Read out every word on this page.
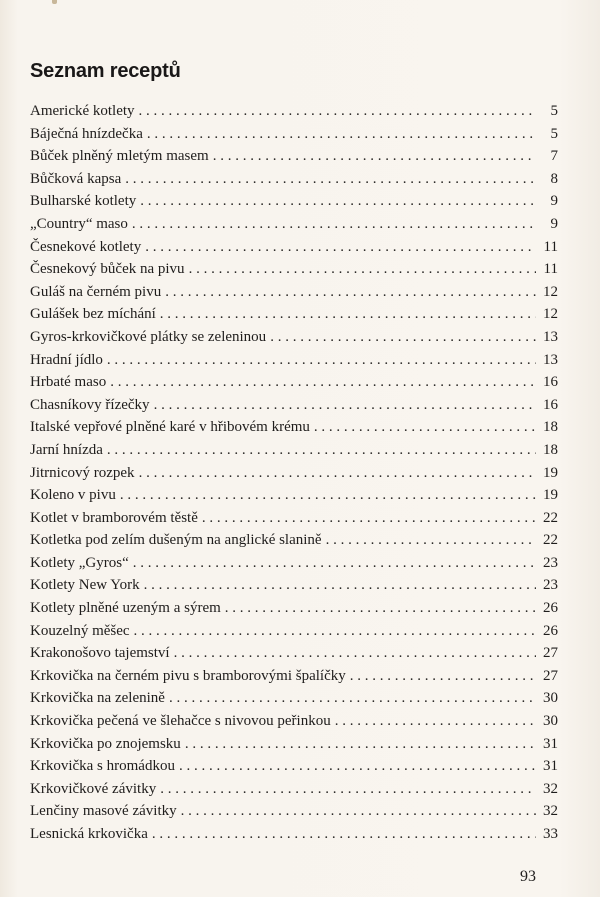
Seznam receptů
Americké kotlety . . .	5
Báječná hnízdečka . . .	5
Bůček plněný mletým masem . . .	7
Bůčková kapsa . . .	8
Bulharské kotlety . . .	9
„Country“ maso . . .	9
Česnekové kotlety . . .	11
Česnekový bůček na pivu . . .	11
Guláš na černém pivu . . .	12
Gulášek bez míchání . . .	12
Gyros-krkovičkové plátky se zeleninou . . .	13
Hradní jídlo . . .	13
Hrbaté maso . . .	16
Chasníkovy řízečky . . .	16
Italské vepřové plněné karé v hřibovém krému . . .	18
Jarní hnízda . . .	18
Jitrnicový rozpek . . .	19
Koleno v pivu . . .	19
Kotlet v bramborovém těstě . . .	22
Kotletka pod zelím dušeným na anglické slanině . . .	22
Kotlety „Gyros“ . . .	23
Kotlety New York . . .	23
Kotlety plněné uzeným a sýrem . . .	26
Kouzelný měšec . . .	26
Krakonošovo tajemství . . .	27
Krkovička na černém pivu s bramborovými špalíčky . . .	27
Krkovička na zelenině . . .	30
Krkovička pečená ve šlehačce s nivovou peřinkou . . .	30
Krkovička po znojemsku . . .	31
Krkovička s hromádkou . . .	31
Krkovičkové závitky . . .	32
Lenčiny masové závitky . . .	32
Lesnická krkovička . . .	33
93
